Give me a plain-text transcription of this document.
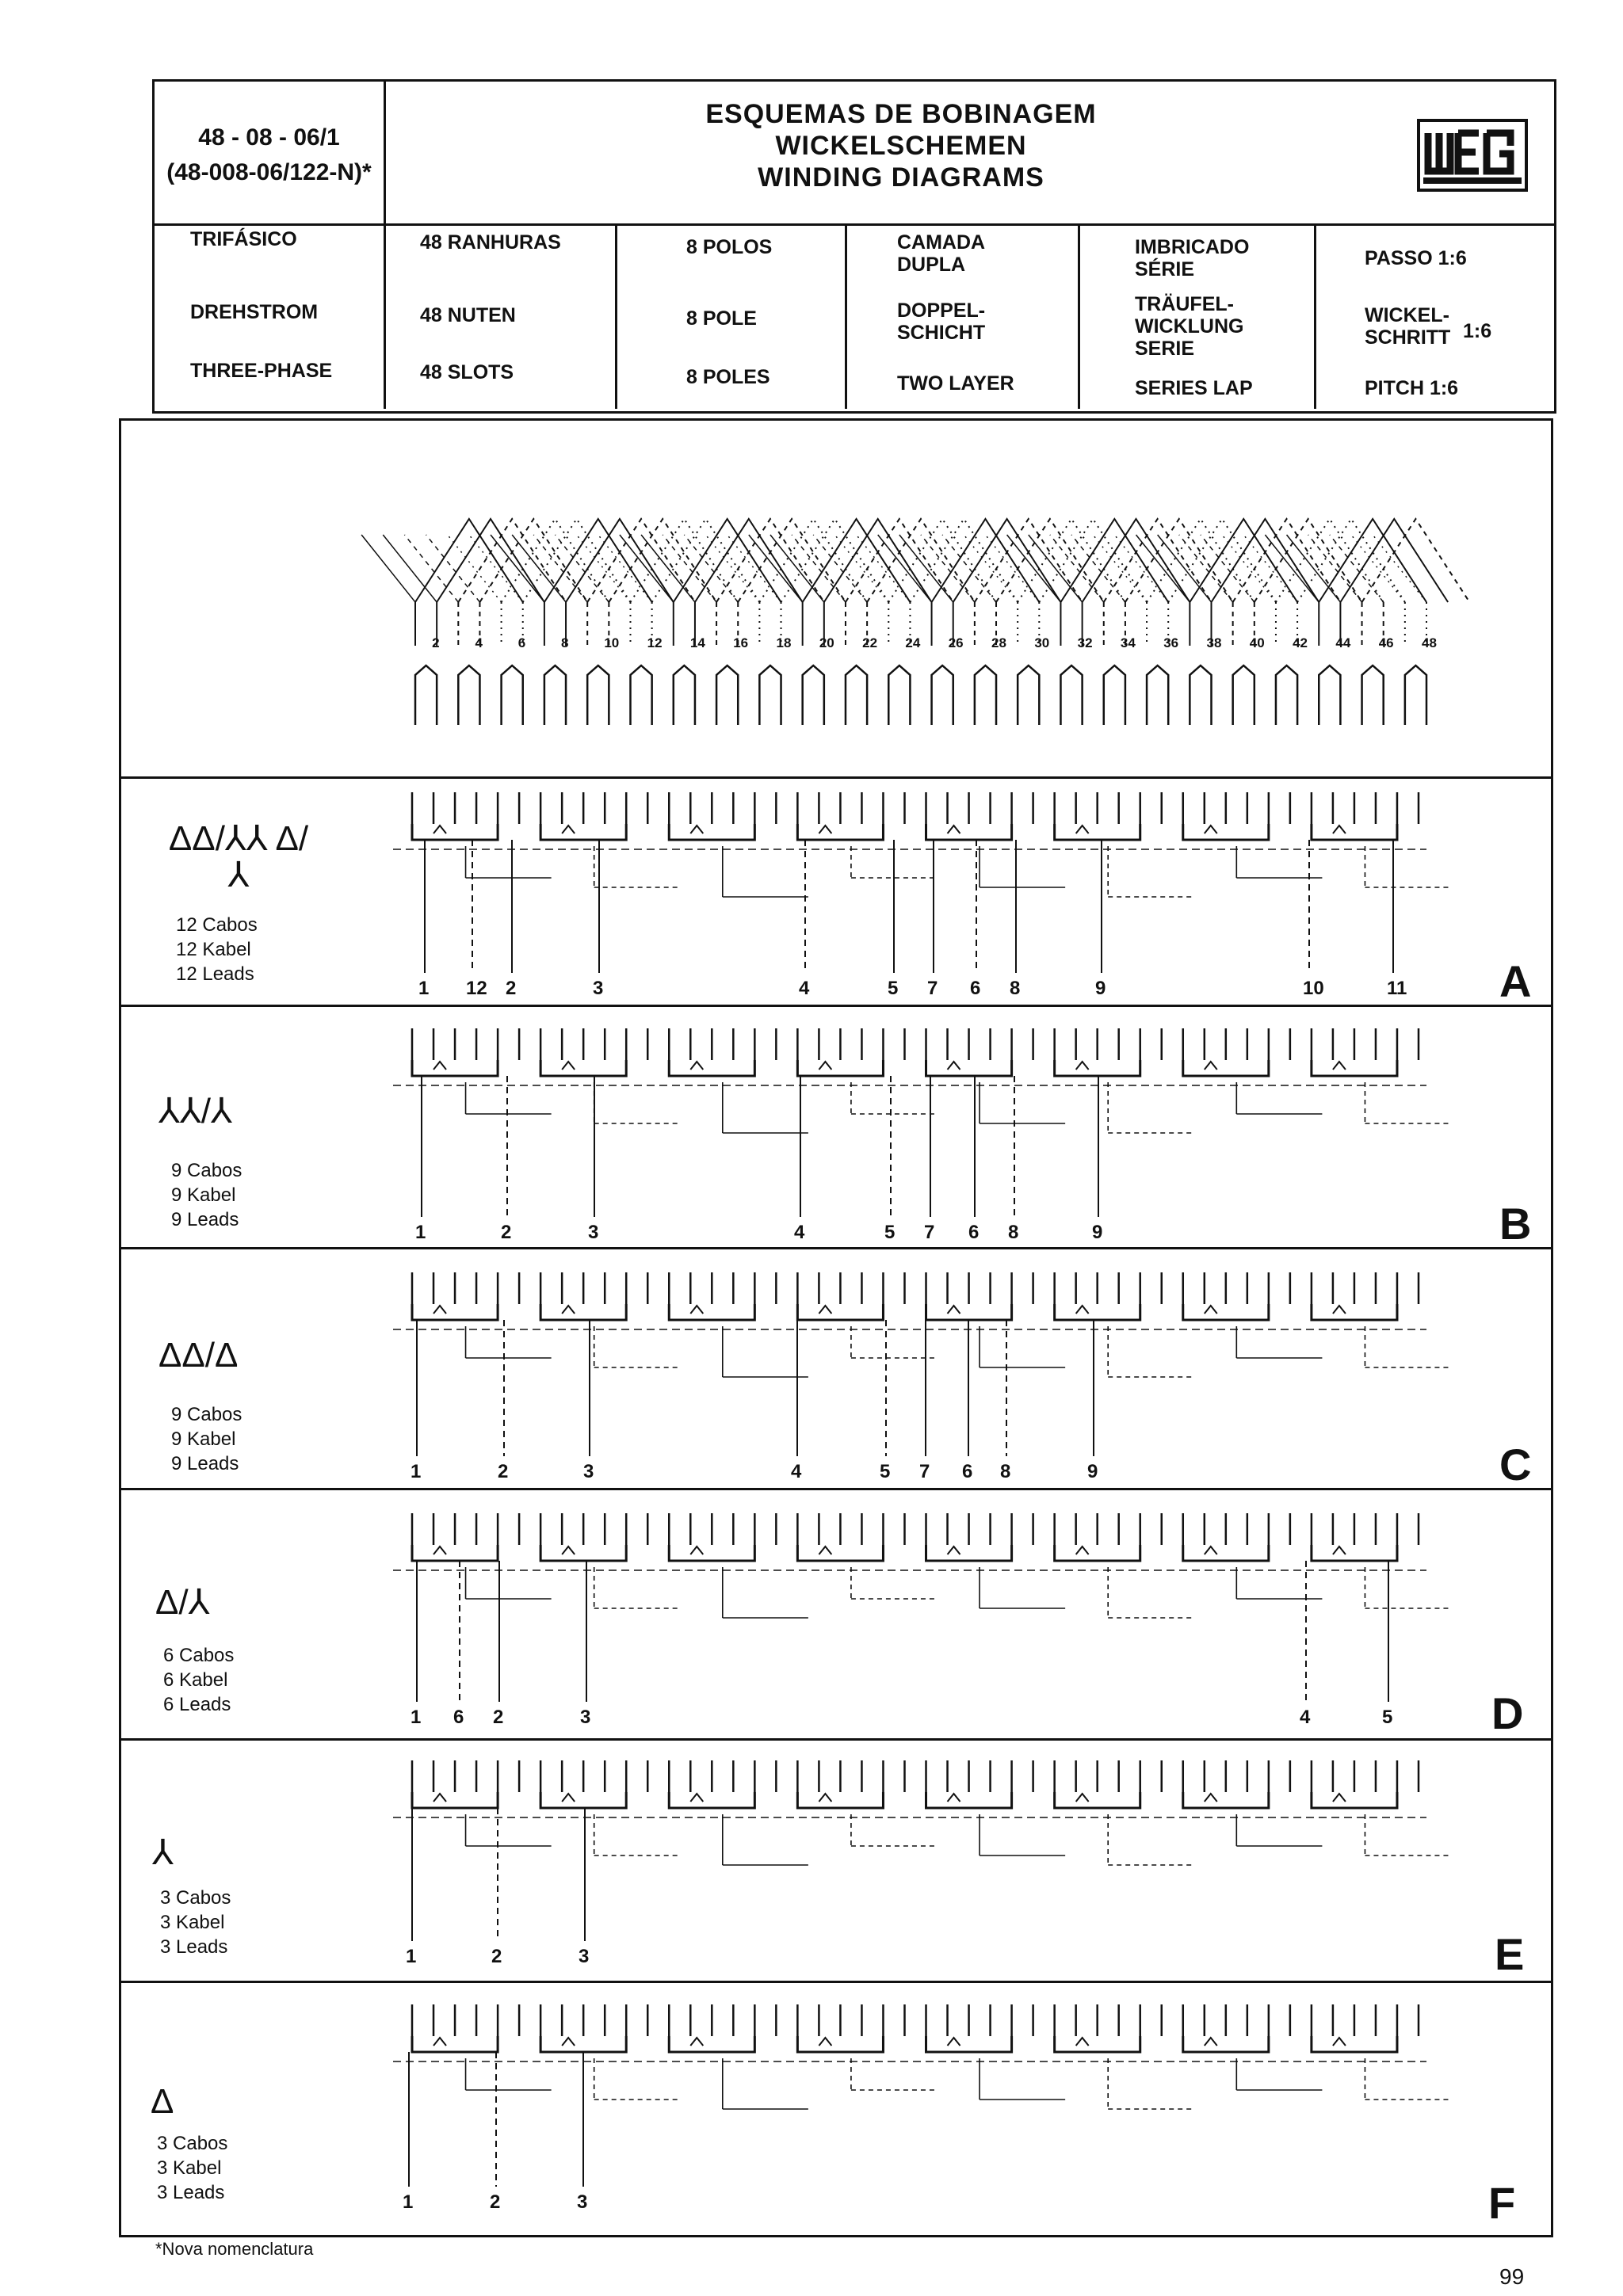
48 - 08 - 06/1
(48-008-06/122-N)*
ESQUEMAS DE BOBINAGEM
WICKELSCHEMEN
WINDING DIAGRAMS
TRIFÁSICO
DREHSTROM
THREE-PHASE
48 RANHURAS
48 NUTEN
48 SLOTS
8 POLOS
8 POLE
8 POLES
CAMADA DUPLA
DOPPEL- SCHICHT
TWO LAYER
IMBRICADO SÉRIE
TRÄUFEL- WICKLUNG SERIE
SERIES LAP
PASSO 1:6
WICKEL- SCHRITT 1:6
PITCH 1:6
2	4	6	8	10 12 14 16 18 20 22 24 26 28 30 32 34 36 38 40 42 44 46 48
ΔΔ/⅄⅄ Δ/⅄
12 Cabos
12 Kabel
12 Leads	A
⅄⅄/⅄
9 Cabos
9 Kabel
9 Leads	B
ΔΔ/Δ
9 Cabos
9 Kabel
9 Leads	C
Δ/⅄
6 Cabos
6 Kabel
6 Leads	D
⅄
3 Cabos
3 Kabel
3 Leads	E
Δ
3 Cabos
3 Kabel
3 Leads	F
1 12 2	3	4	5 7 6 8	9	10	11
1	2	3	4	5 7 6 8	9
1	2	3	4	5 7 6 8	9
1 6 2	3	4	5
1	2	3
1	2	3
*Nova nomenclatura
99
